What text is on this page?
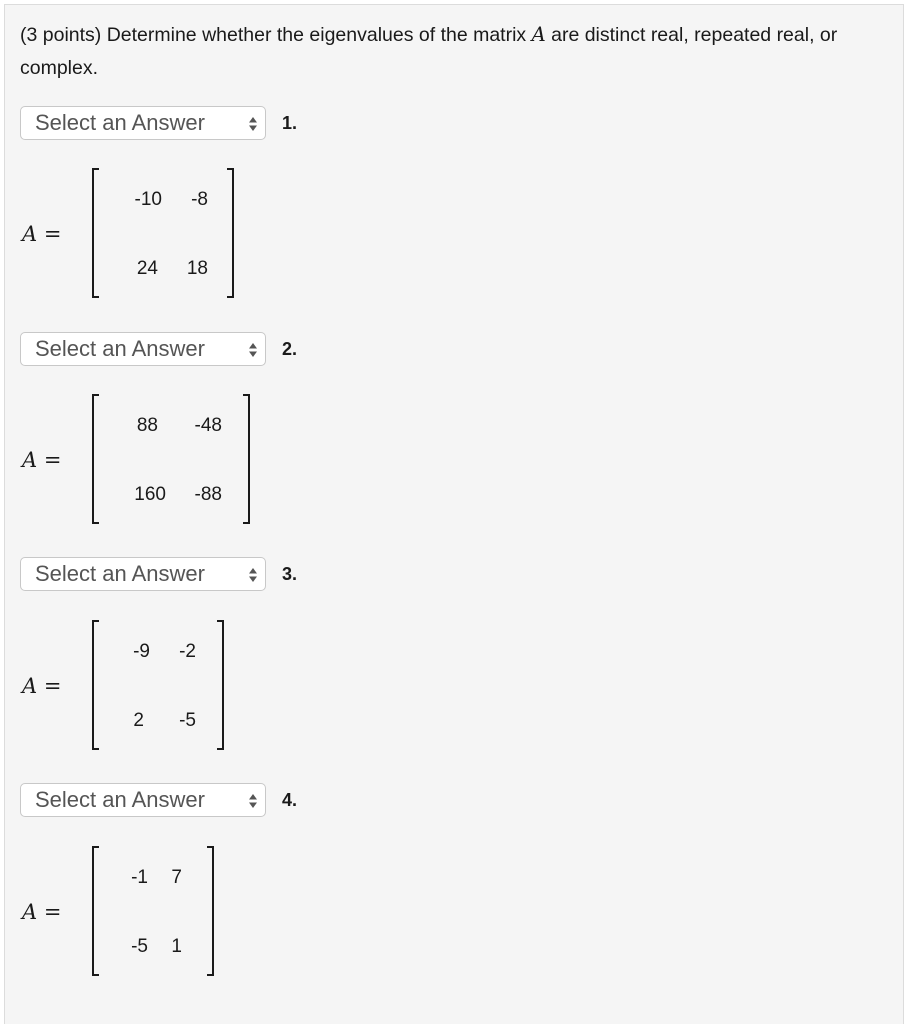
(3 points) Determine whether the eigenvalues of the matrix A are distinct real, repeated real, or complex.
Select an Answer	1.
A =
-10	-8
24	18
Select an Answer	2.
A =
88	-48
160	-88
Select an Answer	3.
A =
-9	-2
2	-5
Select an Answer	4.
A =
-1	7
-5	1
